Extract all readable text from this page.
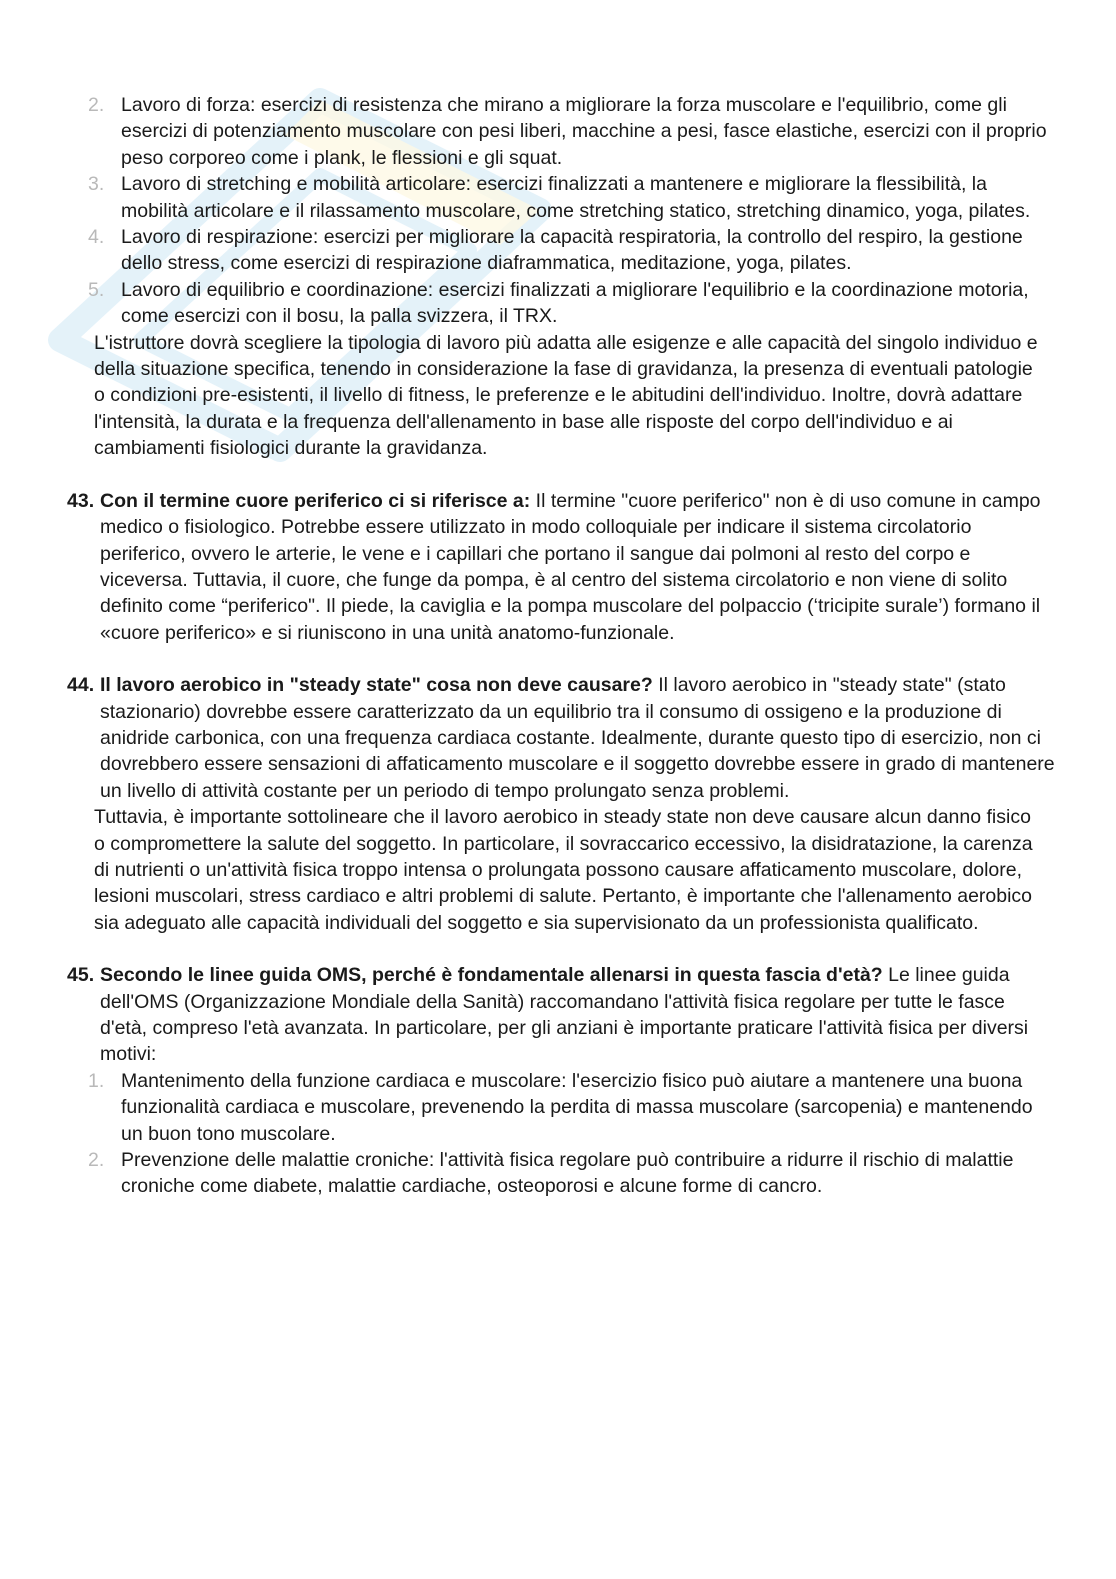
2. Lavoro di forza: esercizi di resistenza che mirano a migliorare la forza muscolare e l'equilibrio, come gli esercizi di potenziamento muscolare con pesi liberi, macchine a pesi, fasce elastiche, esercizi con il proprio peso corporeo come i plank, le flessioni e gli squat.
3. Lavoro di stretching e mobilità articolare: esercizi finalizzati a mantenere e migliorare la flessibilità, la mobilità articolare e il rilassamento muscolare, come stretching statico, stretching dinamico, yoga, pilates.
4. Lavoro di respirazione: esercizi per migliorare la capacità respiratoria, la controllo del respiro, la gestione dello stress, come esercizi di respirazione diaframmatica, meditazione, yoga, pilates.
5. Lavoro di equilibrio e coordinazione: esercizi finalizzati a migliorare l'equilibrio e la coordinazione motoria, come esercizi con il bosu, la palla svizzera, il TRX.

L'istruttore dovrà scegliere la tipologia di lavoro più adatta alle esigenze e alle capacità del singolo individuo e della situazione specifica, tenendo in considerazione la fase di gravidanza, la presenza di eventuali patologie o condizioni pre-esistenti, il livello di fitness, le preferenze e le abitudini dell'individuo. Inoltre, dovrà adattare l'intensità, la durata e la frequenza dell'allenamento in base alle risposte del corpo dell'individuo e ai cambiamenti fisiologici durante la gravidanza.

43. Con il termine cuore periferico ci si riferisce a: Il termine "cuore periferico" non è di uso comune in campo medico o fisiologico. Potrebbe essere utilizzato in modo colloquiale per indicare il sistema circolatorio periferico, ovvero le arterie, le vene e i capillari che portano il sangue dai polmoni al resto del corpo e viceversa. Tuttavia, il cuore, che funge da pompa, è al centro del sistema circolatorio e non viene di solito definito come “periferico". Il piede, la caviglia e la pompa muscolare del polpaccio (‘tricipite surale’) formano il «cuore periferico» e si riuniscono in una unità anatomo-funzionale.
44. Il lavoro aerobico in "steady state" cosa non deve causare? Il lavoro aerobico in "steady state" (stato stazionario) dovrebbe essere caratterizzato da un equilibrio tra il consumo di ossigeno e la produzione di anidride carbonica, con una frequenza cardiaca costante. Idealmente, durante questo tipo di esercizio, non ci dovrebbero essere sensazioni di affaticamento muscolare e il soggetto dovrebbe essere in grado di mantenere un livello di attività costante per un periodo di tempo prolungato senza problemi.

Tuttavia, è importante sottolineare che il lavoro aerobico in steady state non deve causare alcun danno fisico o compromettere la salute del soggetto. In particolare, il sovraccarico eccessivo, la disidratazione, la carenza di nutrienti o un'attività fisica troppo intensa o prolungata possono causare affaticamento muscolare, dolore, lesioni muscolari, stress cardiaco e altri problemi di salute. Pertanto, è importante che l'allenamento aerobico sia adeguato alle capacità individuali del soggetto e sia supervisionato da un professionista qualificato.

45. Secondo le linee guida OMS, perché è fondamentale allenarsi in questa fascia d'età? Le linee guida dell'OMS (Organizzazione Mondiale della Sanità) raccomandano l'attività fisica regolare per tutte le fasce d'età, compreso l'età avanzata. In particolare, per gli anziani è importante praticare l'attività fisica per diversi motivi:
1. Mantenimento della funzione cardiaca e muscolare: l'esercizio fisico può aiutare a mantenere una buona funzionalità cardiaca e muscolare, prevenendo la perdita di massa muscolare (sarcopenia) e mantenendo un buon tono muscolare.
2. Prevenzione delle malattie croniche: l'attività fisica regolare può contribuire a ridurre il rischio di malattie croniche come diabete, malattie cardiache, osteoporosi e alcune forme di cancro.
